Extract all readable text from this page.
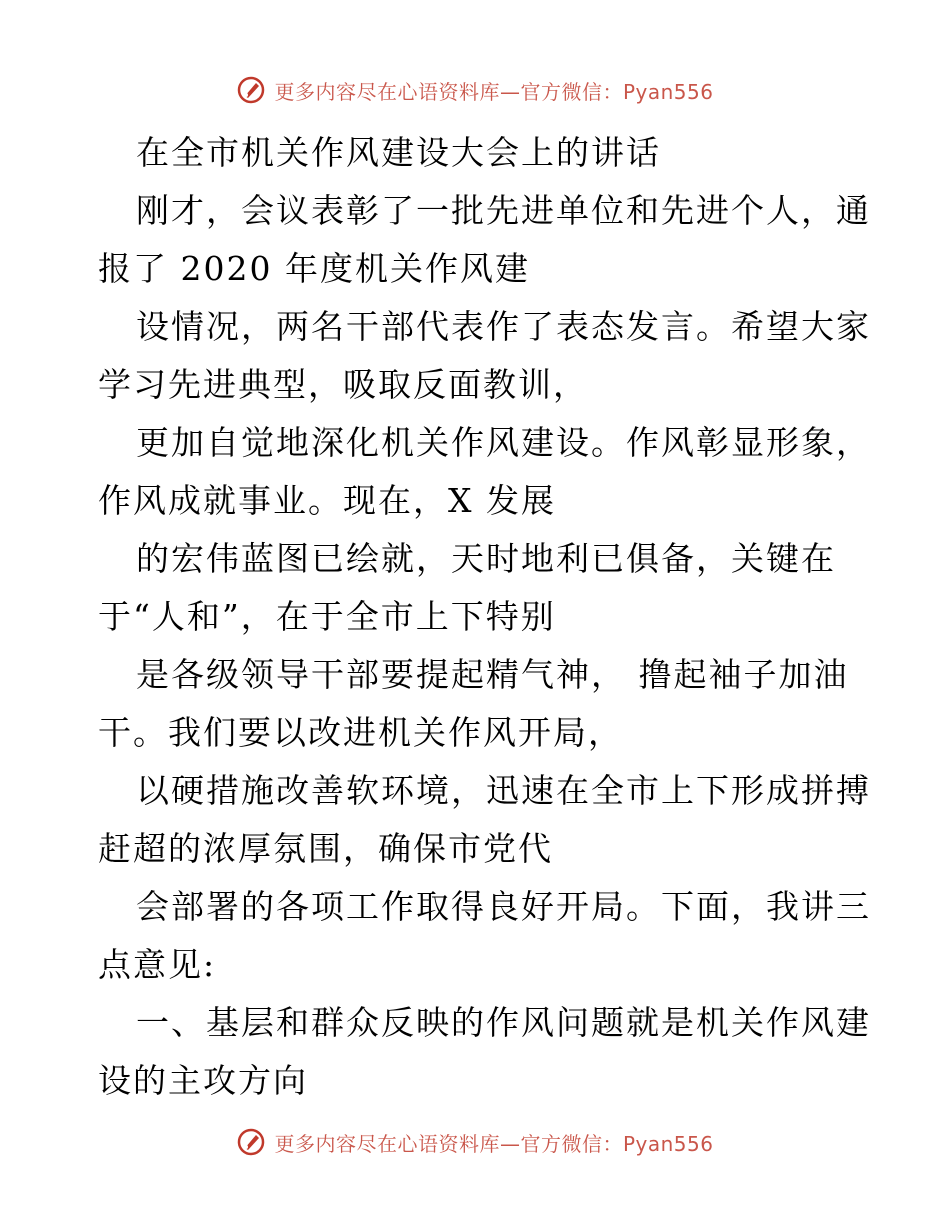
更多内容尽在心语资料库—官方微信：Pyan556
在全市机关作风建设大会上的讲话
刚才，会议表彰了一批先进单位和先进个人，通
报了 2020 年度机关作风建
设情况，两名干部代表作了表态发言。希望大家
学习先进典型，吸取反面教训，
更加自觉地深化机关作风建设。作风彰显形象，
作风成就事业。现在，X 发展
的宏伟蓝图已绘就，天时地利已俱备，关键在
于“人和”，在于全市上下特别
是各级领导干部要提起精气神， 撸起袖子加油
干。我们要以改进机关作风开局，
以硬措施改善软环境，迅速在全市上下形成拼搏
赶超的浓厚氛围，确保市党代
会部署的各项工作取得良好开局。下面，我讲三
点意见:
一、基层和群众反映的作风问题就是机关作风建
设的主攻方向
更多内容尽在心语资料库—官方微信：Pyan556
